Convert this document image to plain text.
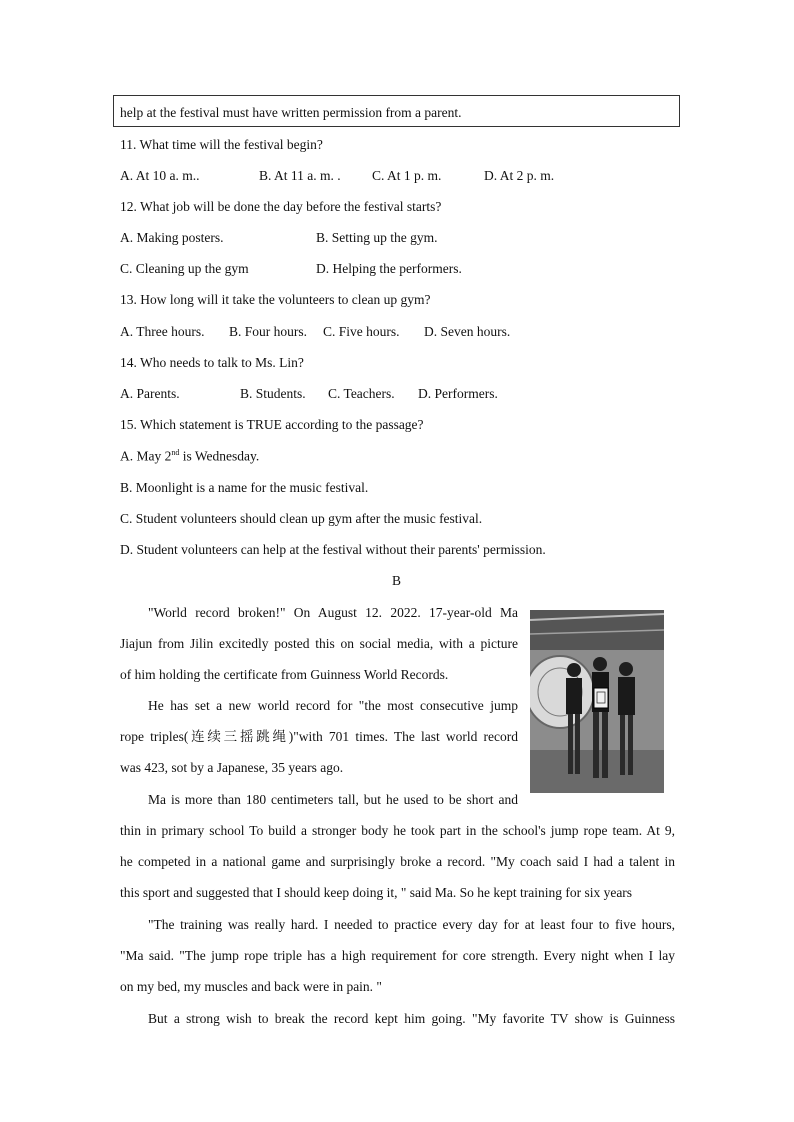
help at the festival must have written permission from a parent.
11. What time will the festival begin?
A. At 10 a. m..	B. At 11 a. m. . C. At 1 p. m.	D. At 2 p. m.
12. What job will be done the day before the festival starts?
A. Making posters.	B. Setting up the gym.
C. Cleaning up the gym	D. Helping the performers.
13. How long will it take the volunteers to clean up gym?
A. Three hours. B. Four hours. C. Five hours. D. Seven hours.
14. Who needs to talk to Ms. Lin?
A. Parents.	B. Students. C. Teachers. D. Performers.
15. Which statement is TRUE according to the passage?
A. May 2nd is Wednesday.
B. Moonlight is a name for the music festival.
C. Student volunteers should clean up gym after the music festival.
D. Student volunteers can help at the festival without their parents' permission.
B
"World record broken!" On August 12. 2022. 17-year-old Ma
Jiajun from Jilin excitedly posted this on social media, with a picture
of him holding the certificate from Guinness World Records.
He has set a new world record for "the most consecutive jump
rope triples(连续三摇跳绳)"with 701 times. The last world record
was 423, sot by a Japanese, 35 years ago.
Ma is more than 180 centimeters tall, but he used to be short and
thin in primary school To build a stronger body he took part in the school's jump rope team. At 9,
he competed in a national game and surprisingly broke a record. "My coach said I had a talent in
this sport and suggested that I should keep doing it, " said Ma. So he kept training for six years
"The training was really hard. I needed to practice every day for at least four to five hours,
"Ma said. "The jump rope triple has a high requirement for core strength. Every night when I lay
on my bed, my muscles and back were in pain. "
But a strong wish to break the record kept him going. "My favorite TV show is Guinness
